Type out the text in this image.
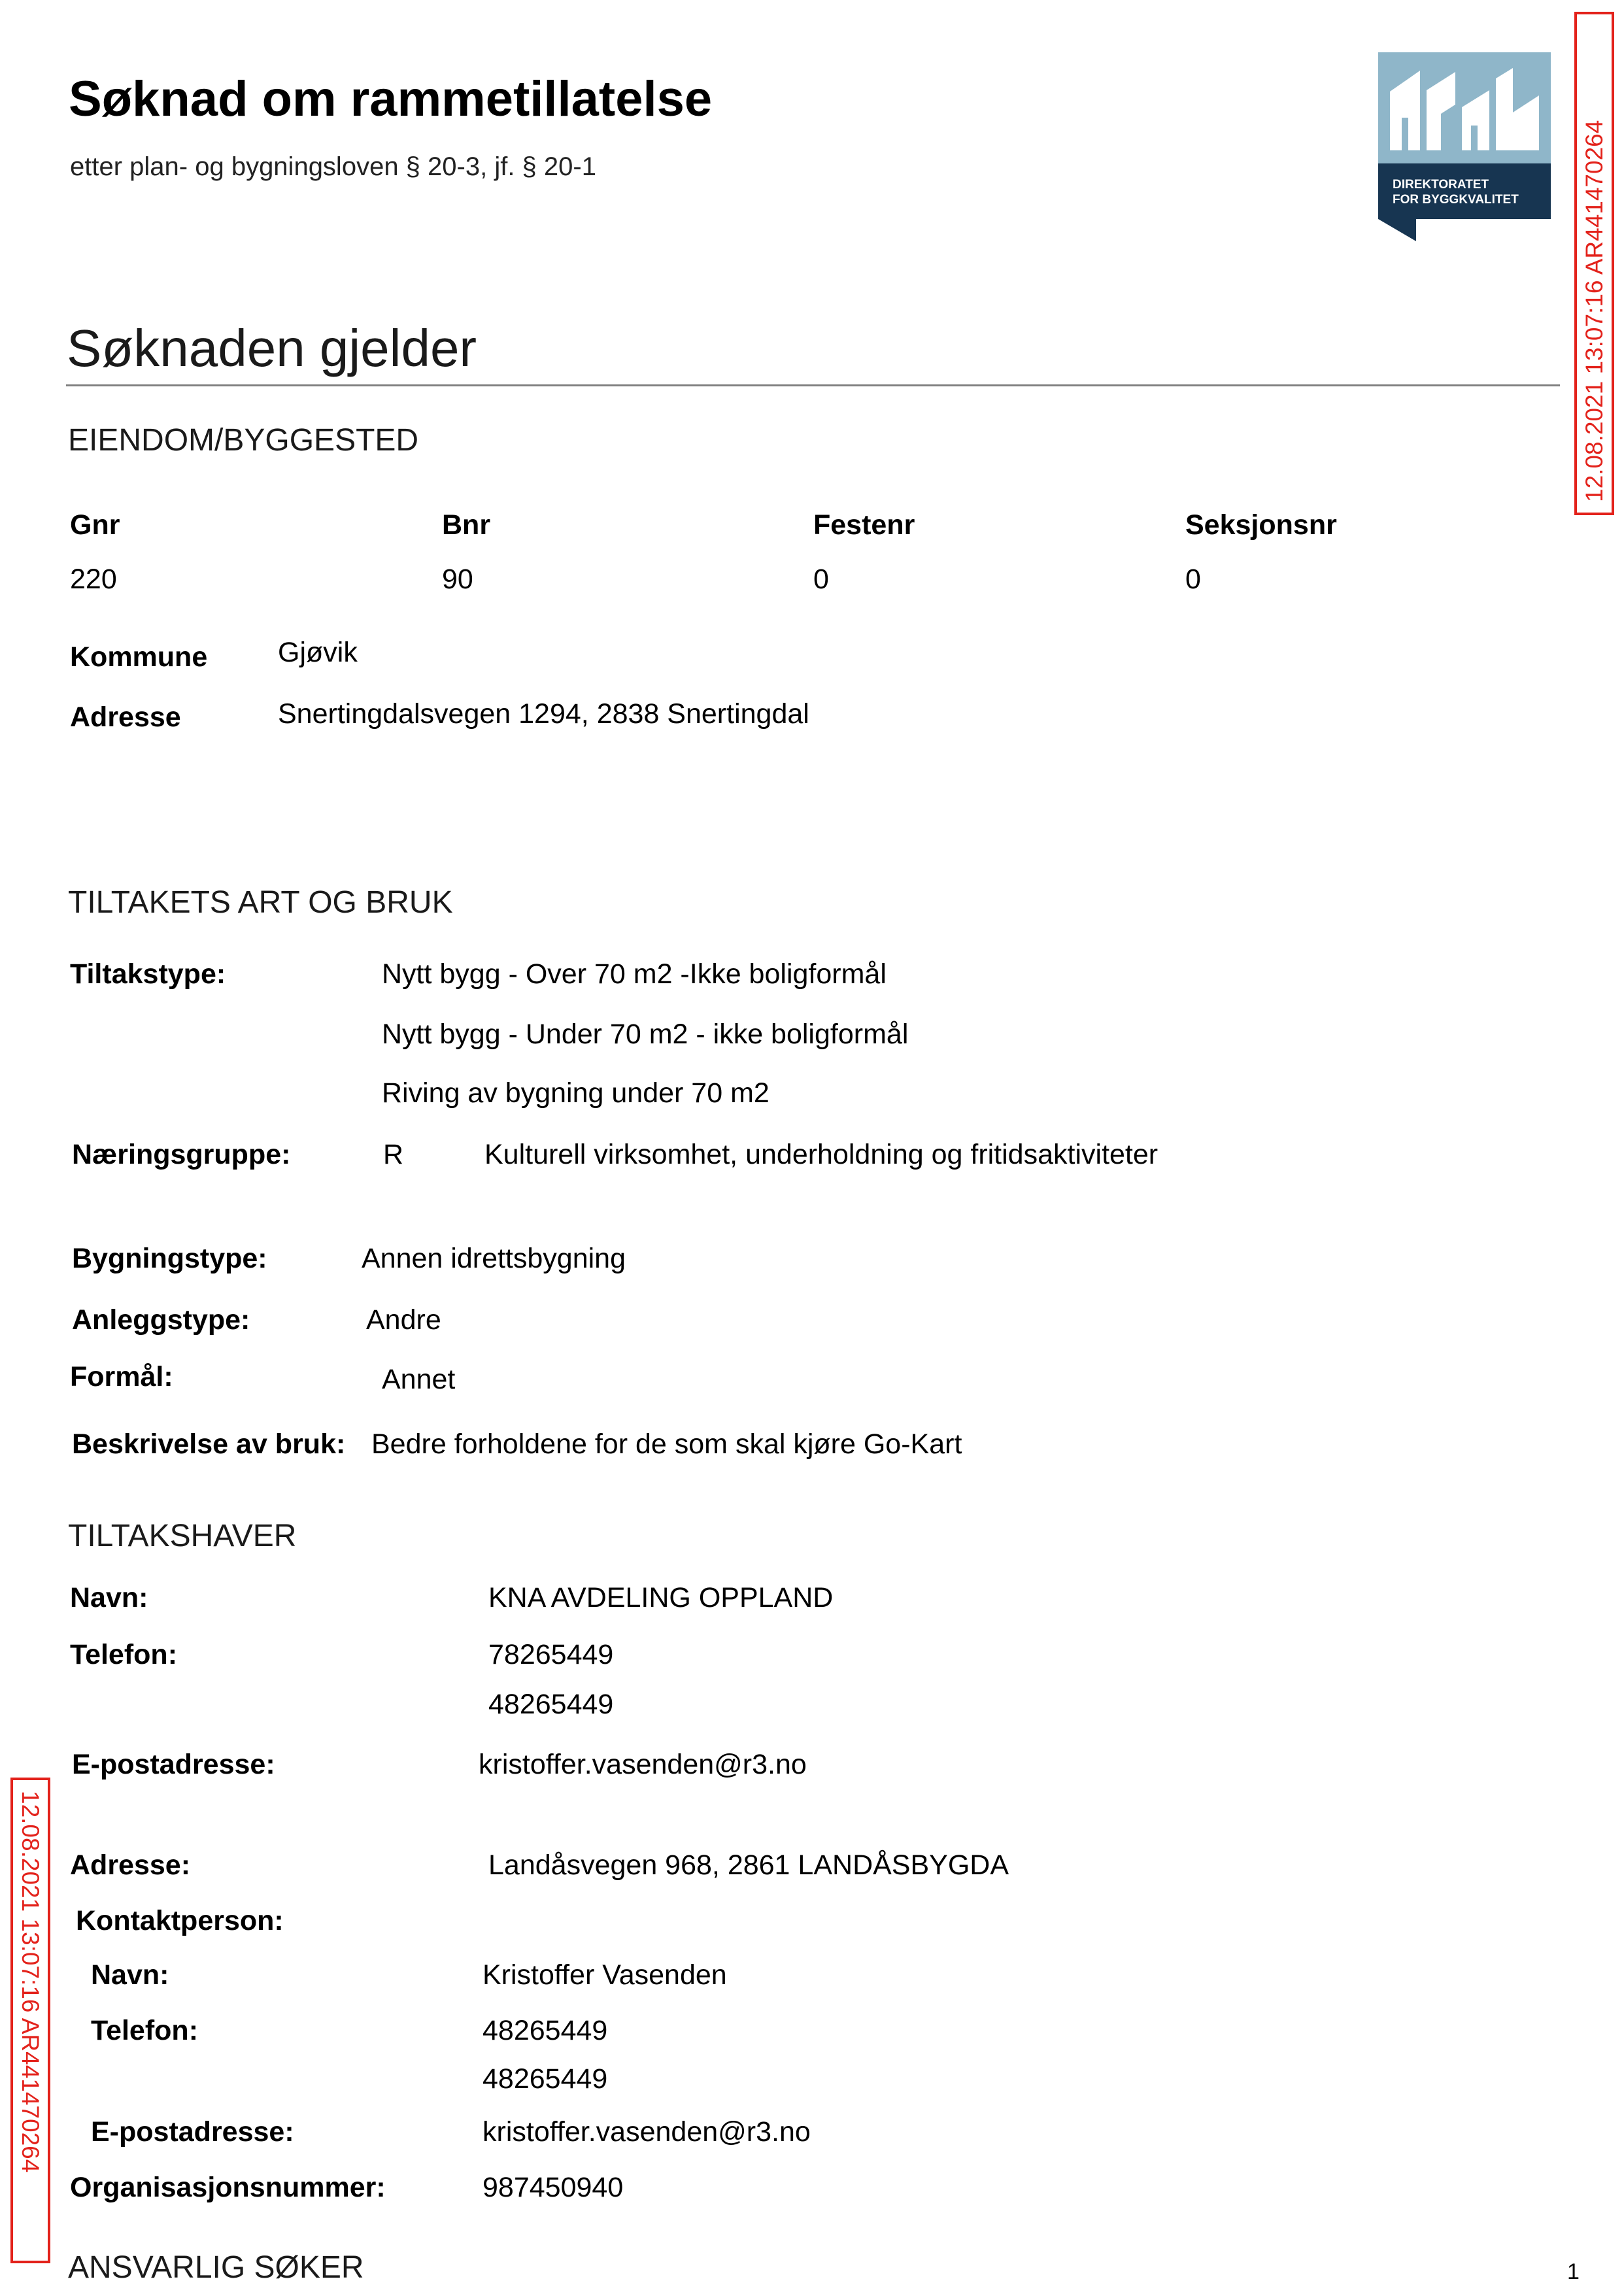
Søknad om rammetillatelse
etter plan- og bygningsloven § 20-3, jf. § 20-1
DIREKTORATET
FOR BYGGKVALITET	12.08.2021 13:07:16 AR441470264
12.08.2021 13:07:16 AR441470264
Søknaden gjelder
EIENDOM/BYGGESTED
Gnr	Bnr	Festenr	Seksjonsnr
220	90	0	0
Kommune	Gjøvik
Adresse	Snertingdalsvegen 1294, 2838 Snertingdal
TILTAKETS ART OG BRUK
Tiltakstype:	Nytt bygg - Over 70 m2 -Ikke boligformål
Nytt bygg - Under 70 m2 - ikke boligformål
Riving av bygning under 70 m2
Næringsgruppe:	R	Kulturell virksomhet, underholdning og fritidsaktiviteter
Bygningstype:	Annen idrettsbygning
Anleggstype:	Andre
Formål:	Annet
Beskrivelse av bruk: Bedre forholdene for de som skal kjøre Go-Kart
TILTAKSHAVER
Navn:	KNA AVDELING OPPLAND
Telefon:	78265449
48265449
E-postadresse:	kristoffer.vasenden@r3.no
Adresse:	Landåsvegen 968, 2861 LANDÅSBYGDA
Kontaktperson:
Navn:	Kristoffer Vasenden
Telefon:	48265449
48265449
E-postadresse:	kristoffer.vasenden@r3.no
Organisasjonsnummer:	987450940
ANSVARLIG SØKER	1
